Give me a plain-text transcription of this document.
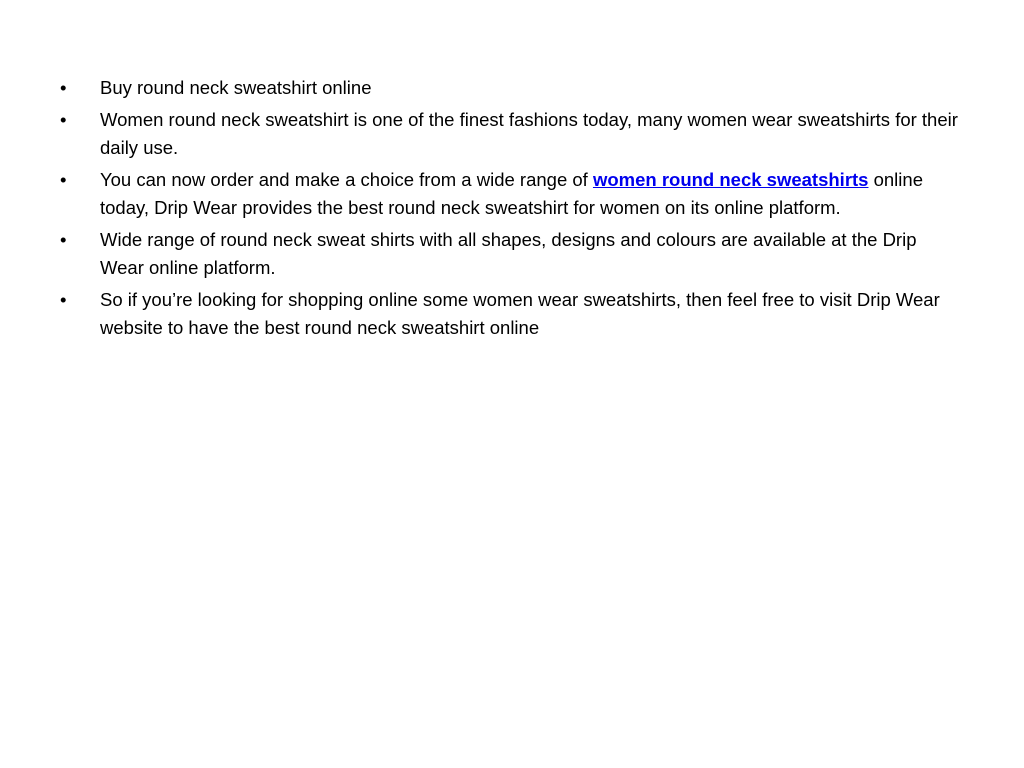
•	Buy round neck sweatshirt online
•	Women round neck sweatshirt is one of the finest fashions today, many women wear sweatshirts for their daily use.
•	You can now order and make a choice from a wide range of women round neck sweatshirts online today, Drip Wear provides the best round neck sweatshirt for women on its online platform.
•	Wide range of round neck sweat shirts with all shapes, designs and colours are available at the Drip Wear online platform.
•	So if you’re looking for shopping online some women wear sweatshirts, then feel free to visit Drip Wear website to have the best round neck sweatshirt online
